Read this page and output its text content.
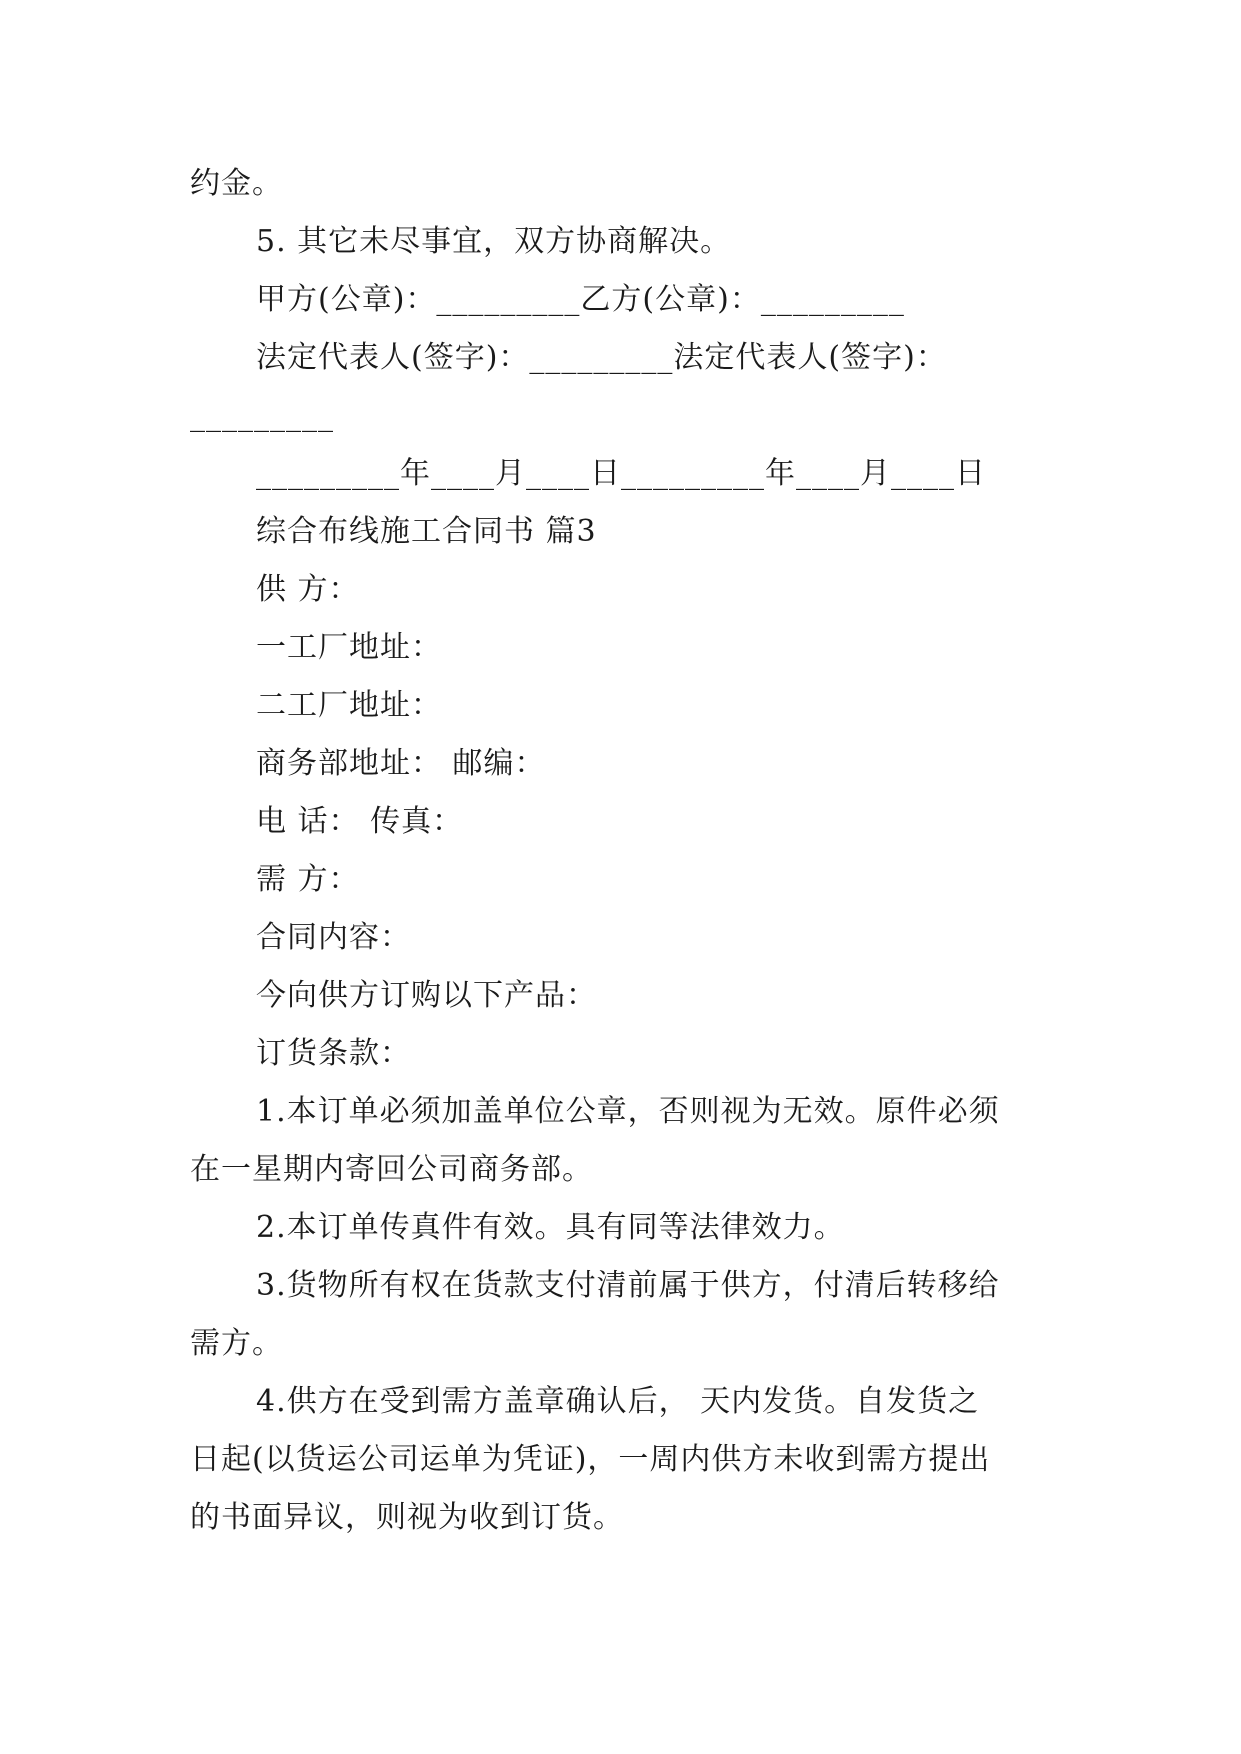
约金。
5. 其它未尽事宜，双方协商解决。
甲方(公章)：_________乙方(公章)：_________
法定代表人(签字)：_________法定代表人(签字)：
_________
_________年____月____日_________年____月____日
综合布线施工合同书 篇3
供 方：
一工厂地址：
二工厂地址：
商务部地址： 邮编：
电 话： 传真：
需 方：
合同内容：
今向供方订购以下产品：
订货条款：
1.本订单必须加盖单位公章，否则视为无效。原件必须
在一星期内寄回公司商务部。
2.本订单传真件有效。具有同等法律效力。
3.货物所有权在货款支付清前属于供方，付清后转移给
需方。
4.供方在受到需方盖章确认后， 天内发货。自发货之
日起(以货运公司运单为凭证)，一周内供方未收到需方提出
的书面异议，则视为收到订货。
